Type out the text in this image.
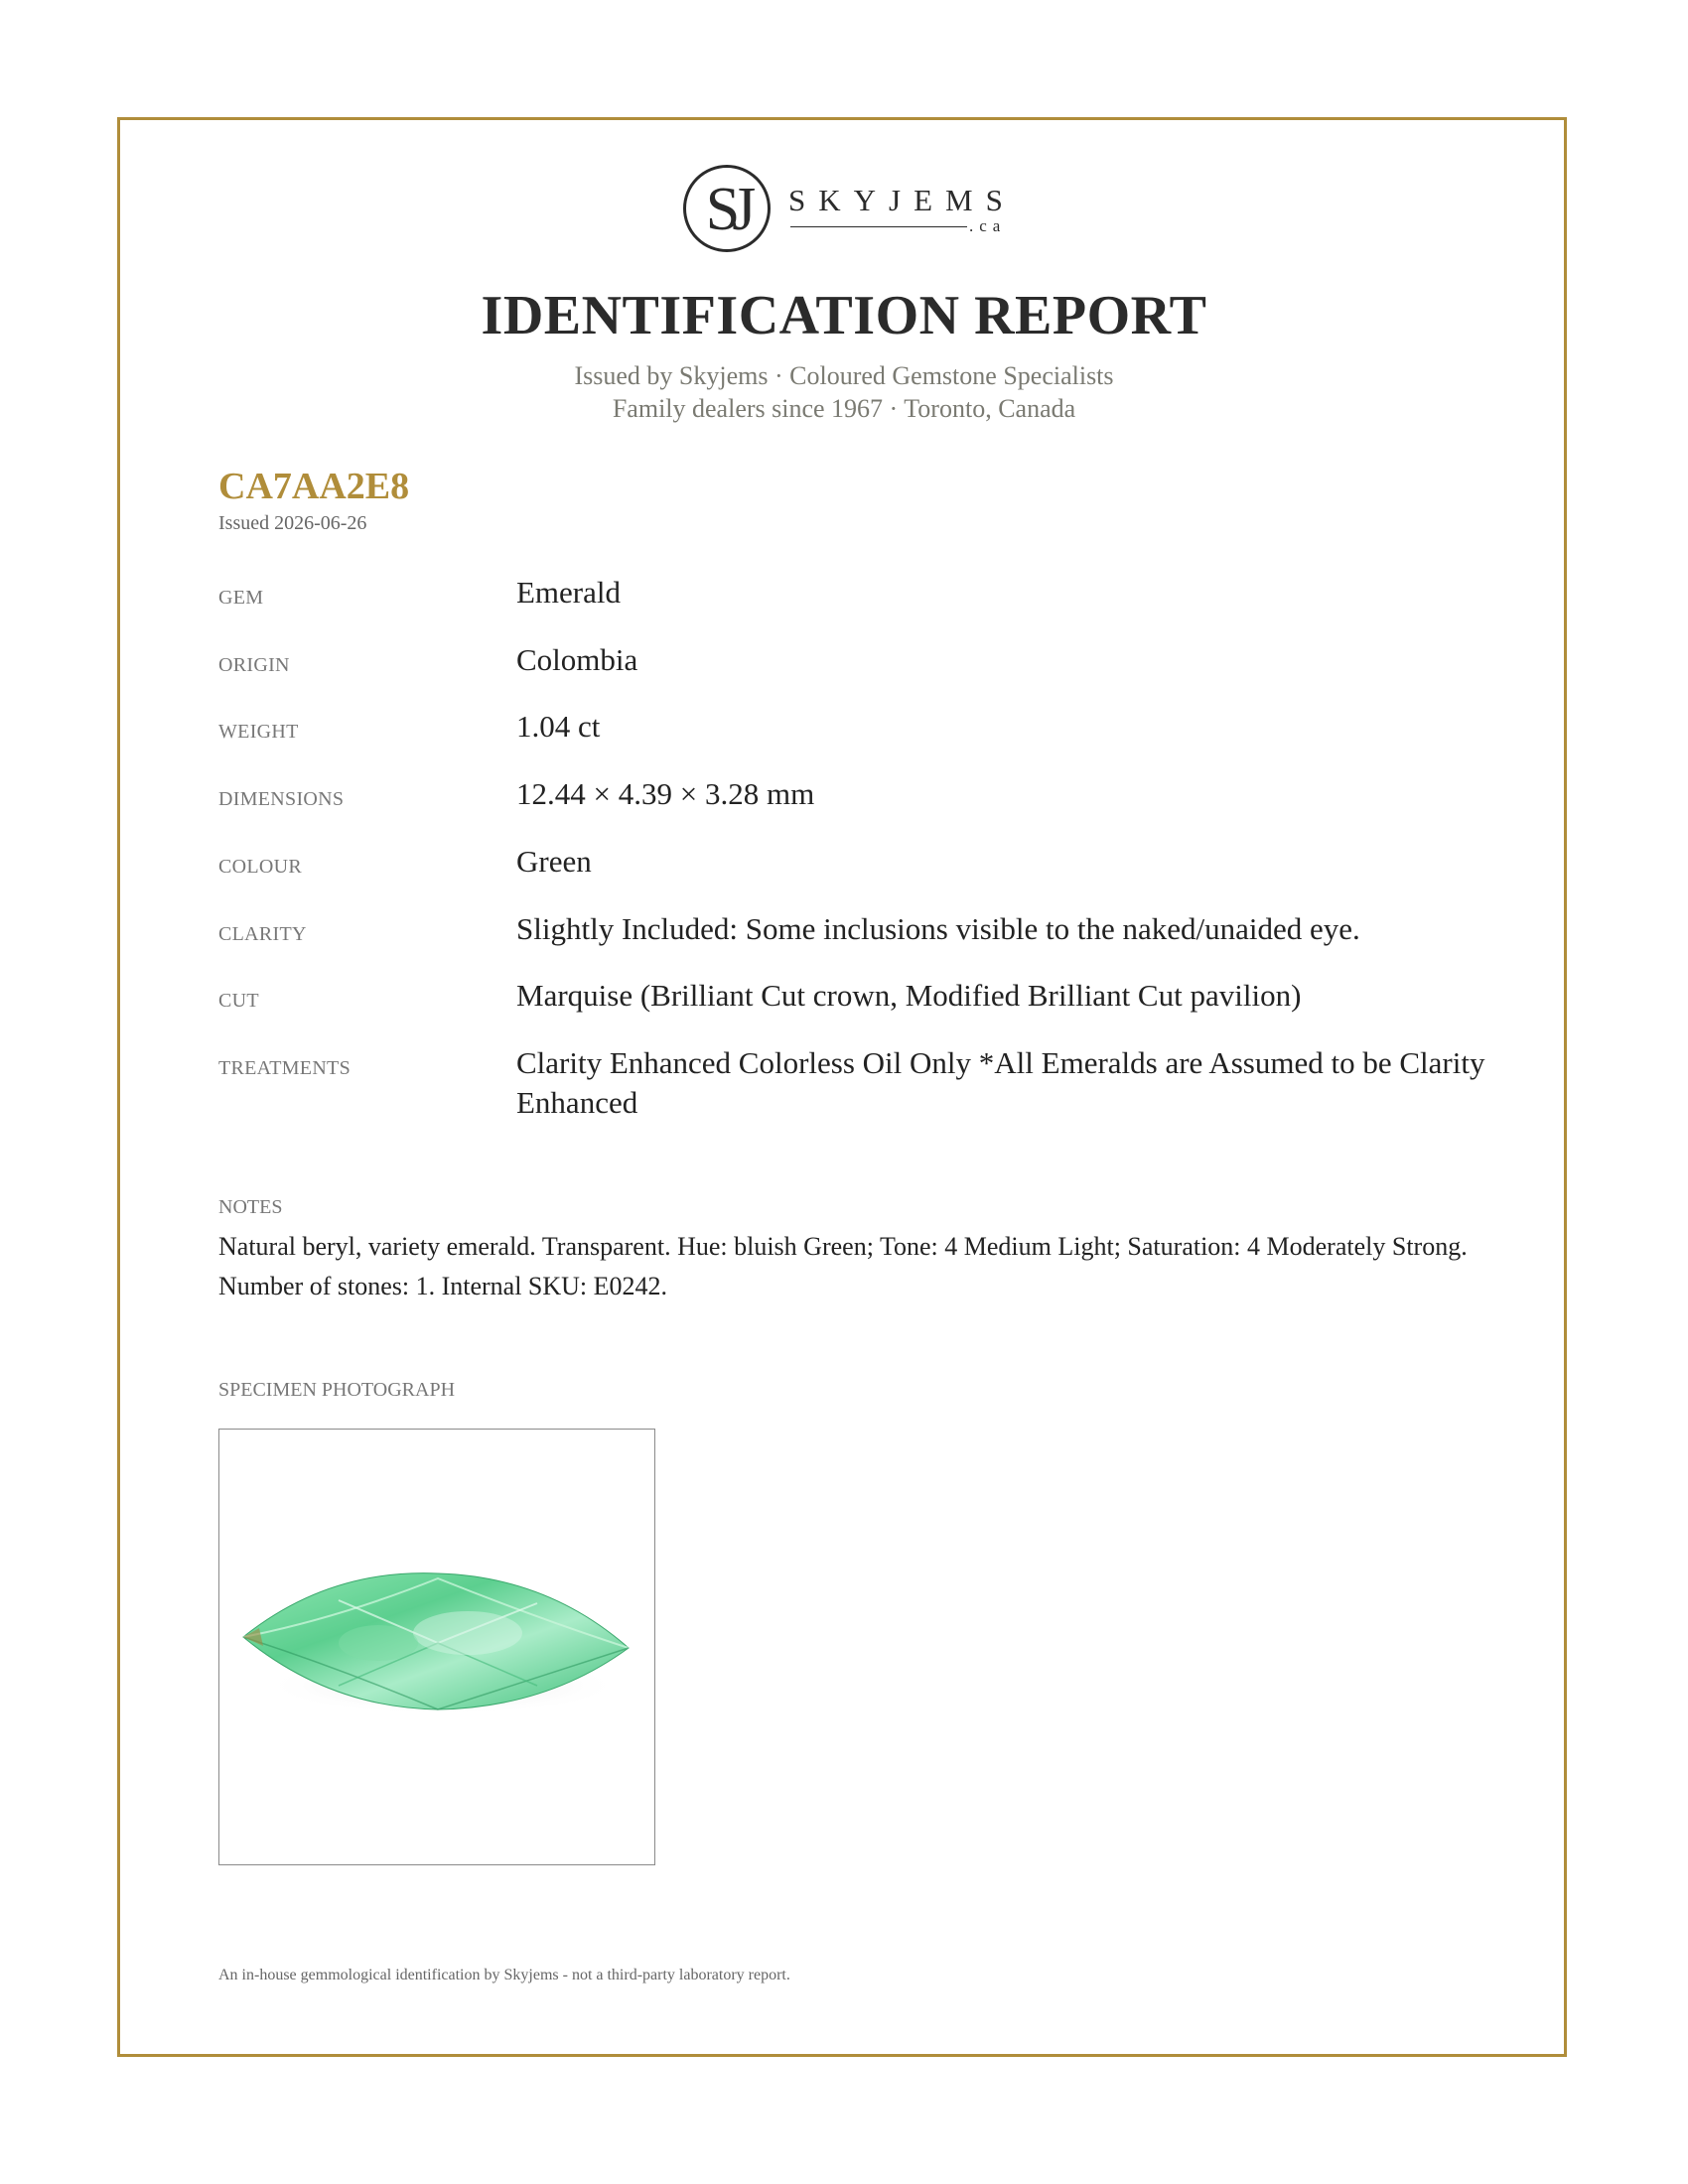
SJ	SKYJEMS
.ca
IDENTIFICATION REPORT
Issued by Skyjems · Coloured Gemstone Specialists
Family dealers since 1967 · Toronto, Canada
CA7AA2E8
Issued 2026-06-26
GEM	Emerald
ORIGIN	Colombia
WEIGHT	1.04 ct
DIMENSIONS	12.44 × 4.39 × 3.28 mm
COLOUR	Green
CLARITY	Slightly Included: Some inclusions visible to the naked/unaided eye.
CUT	Marquise (Brilliant Cut crown, Modified Brilliant Cut pavilion)
TREATMENTS	Clarity Enhanced Colorless Oil Only *All Emeralds are Assumed to be Clarity Enhanced
NOTES
Natural beryl, variety emerald. Transparent. Hue: bluish Green; Tone: 4 Medium Light; Saturation: 4 Moderately Strong. Number of stones: 1. Internal SKU: E0242.
SPECIMEN PHOTOGRAPH
An in-house gemmological identification by Skyjems - not a third-party laboratory report.
